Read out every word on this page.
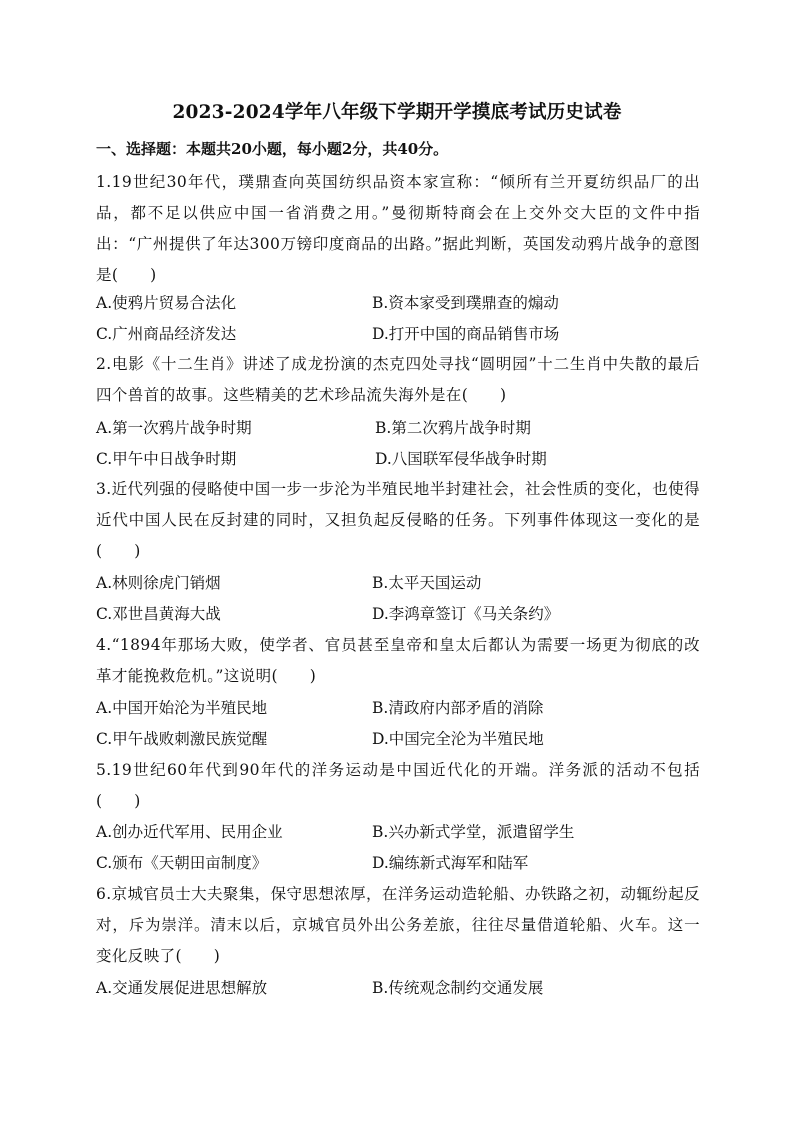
2023-2024学年八年级下学期开学摸底考试历史试卷
一、选择题：本题共20小题，每小题2分，共40分。
1.19世纪30年代，璞鼎查向英国纺织品资本家宣称：“倾所有兰开夏纺织品厂的出品，都不足以供应中国一省消费之用。”曼彻斯特商会在上交外交大臣的文件中指出：“广州提供了年达300万镑印度商品的出路。”据此判断，英国发动鸦片战争的意图是(　　)
A.使鸦片贸易合法化	B.资本家受到璞鼎查的煽动
C.广州商品经济发达	D.打开中国的商品销售市场
2.电影《十二生肖》讲述了成龙扮演的杰克四处寻找“圆明园”十二生肖中失散的最后四个兽首的故事。这些精美的艺术珍品流失海外是在(　　)
A.第一次鸦片战争时期	B.第二次鸦片战争时期
C.甲午中日战争时期	D.八国联军侵华战争时期
3.近代列强的侵略使中国一步一步沦为半殖民地半封建社会，社会性质的变化，也使得近代中国人民在反封建的同时，又担负起反侵略的任务。下列事件体现这一变化的是(　　)
A.林则徐虎门销烟	B.太平天国运动
C.邓世昌黄海大战	D.李鸿章签订《马关条约》
4.“1894年那场大败，使学者、官员甚至皇帝和皇太后都认为需要一场更为彻底的改革才能挽救危机。”这说明(　　)
A.中国开始沦为半殖民地	B.清政府内部矛盾的消除
C.甲午战败刺激民族觉醒	D.中国完全沦为半殖民地
5.19世纪60年代到90年代的洋务运动是中国近代化的开端。洋务派的活动不包括(　　)
A.创办近代军用、民用企业	B.兴办新式学堂，派遣留学生
C.颁布《天朝田亩制度》	D.编练新式海军和陆军
6.京城官员士大夫聚集，保守思想浓厚，在洋务运动造轮船、办铁路之初，动辄纷起反对，斥为崇洋。清末以后，京城官员外出公务差旅，往往尽量借道轮船、火车。这一变化反映了(　　)
A.交通发展促进思想解放	B.传统观念制约交通发展
